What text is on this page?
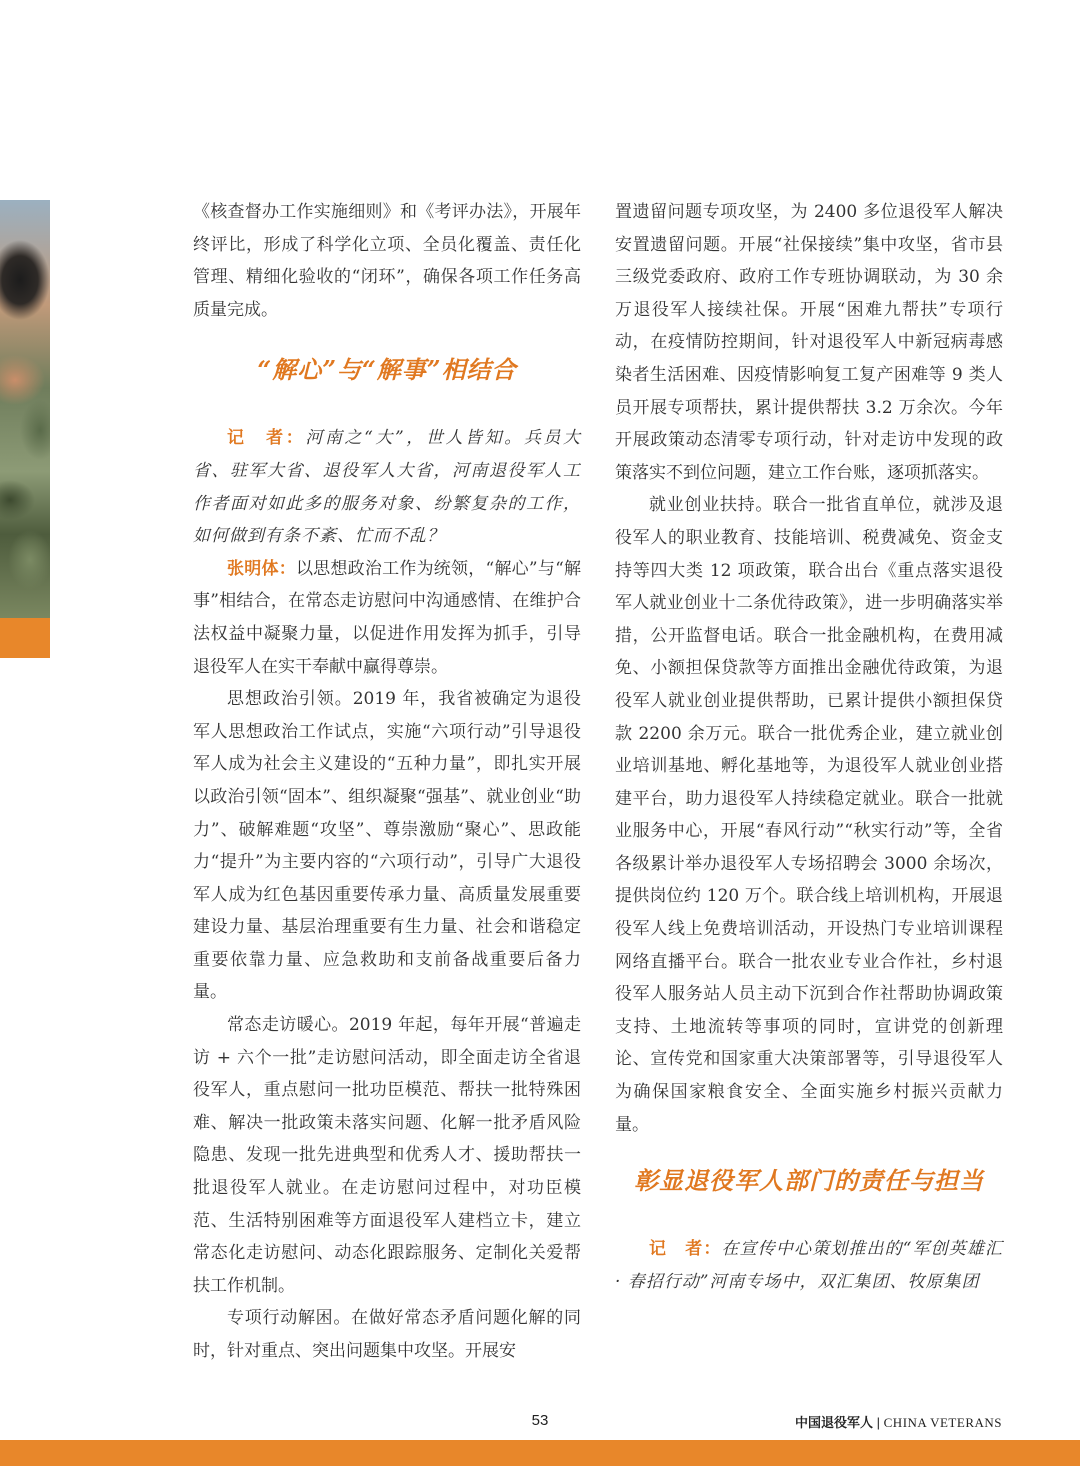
《核查督办工作实施细则》和《考评办法》，开展年终评比，形成了科学化立项、全员化覆盖、责任化管理、精细化验收的“闭环”，确保各项工作任务高质量完成。

“解心”与“解事”相结合

记　者：河南之“大”，世人皆知。兵员大省、驻军大省、退役军人大省，河南退役军人工作者面对如此多的服务对象、纷繁复杂的工作，如何做到有条不紊、忙而不乱？

张明体：以思想政治工作为统领，“解心”与“解事”相结合，在常态走访慰问中沟通感情、在维护合法权益中凝聚力量，以促进作用发挥为抓手，引导退役军人在实干奉献中赢得尊崇。

思想政治引领。2019 年，我省被确定为退役军人思想政治工作试点，实施“六项行动”引导退役军人成为社会主义建设的“五种力量”，即扎实开展以政治引领“固本”、组织凝聚“强基”、就业创业“助力”、破解难题“攻坚”、尊崇激励“聚心”、思政能力“提升”为主要内容的“六项行动”，引导广大退役军人成为红色基因重要传承力量、高质量发展重要建设力量、基层治理重要有生力量、社会和谐稳定重要依靠力量、应急救助和支前备战重要后备力量。

常态走访暖心。2019 年起，每年开展“普遍走访 + 六个一批”走访慰问活动，即全面走访全省退役军人，重点慰问一批功臣模范、帮扶一批特殊困难、解决一批政策未落实问题、化解一批矛盾风险隐患、发现一批先进典型和优秀人才、援助帮扶一批退役军人就业。在走访慰问过程中，对功臣模范、生活特别困难等方面退役军人建档立卡，建立常态化走访慰问、动态化跟踪服务、定制化关爱帮扶工作机制。

专项行动解困。在做好常态矛盾问题化解的同时，针对重点、突出问题集中攻坚。开展安

置遗留问题专项攻坚，为 2400 多位退役军人解决安置遗留问题。开展“社保接续”集中攻坚，省市县三级党委政府、政府工作专班协调联动，为 30 余万退役军人接续社保。开展“困难九帮扶”专项行动，在疫情防控期间，针对退役军人中新冠病毒感染者生活困难、因疫情影响复工复产困难等 9 类人员开展专项帮扶，累计提供帮扶 3.2 万余次。今年开展政策动态清零专项行动，针对走访中发现的政策落实不到位问题，建立工作台账，逐项抓落实。

就业创业扶持。联合一批省直单位，就涉及退役军人的职业教育、技能培训、税费减免、资金支持等四大类 12 项政策，联合出台《重点落实退役军人就业创业十二条优待政策》，进一步明确落实举措，公开监督电话。联合一批金融机构，在费用减免、小额担保贷款等方面推出金融优待政策，为退役军人就业创业提供帮助，已累计提供小额担保贷款 2200 余万元。联合一批优秀企业，建立就业创业培训基地、孵化基地等，为退役军人就业创业搭建平台，助力退役军人持续稳定就业。联合一批就业服务中心，开展“春风行动”“秋实行动”等，全省各级累计举办退役军人专场招聘会 3000 余场次，提供岗位约 120 万个。联合线上培训机构，开展退役军人线上免费培训活动，开设热门专业培训课程网络直播平台。联合一批农业专业合作社，乡村退役军人服务站人员主动下沉到合作社帮助协调政策支持、土地流转等事项的同时，宣讲党的创新理论、宣传党和国家重大决策部署等，引导退役军人为确保国家粮食安全、全面实施乡村振兴贡献力量。

彰显退役军人部门的责任与担当

记　者：在宣传中心策划推出的“军创英雄汇 · 春招行动”河南专场中，双汇集团、牧原集团

53	中国退役军人 | CHINA VETERANS
